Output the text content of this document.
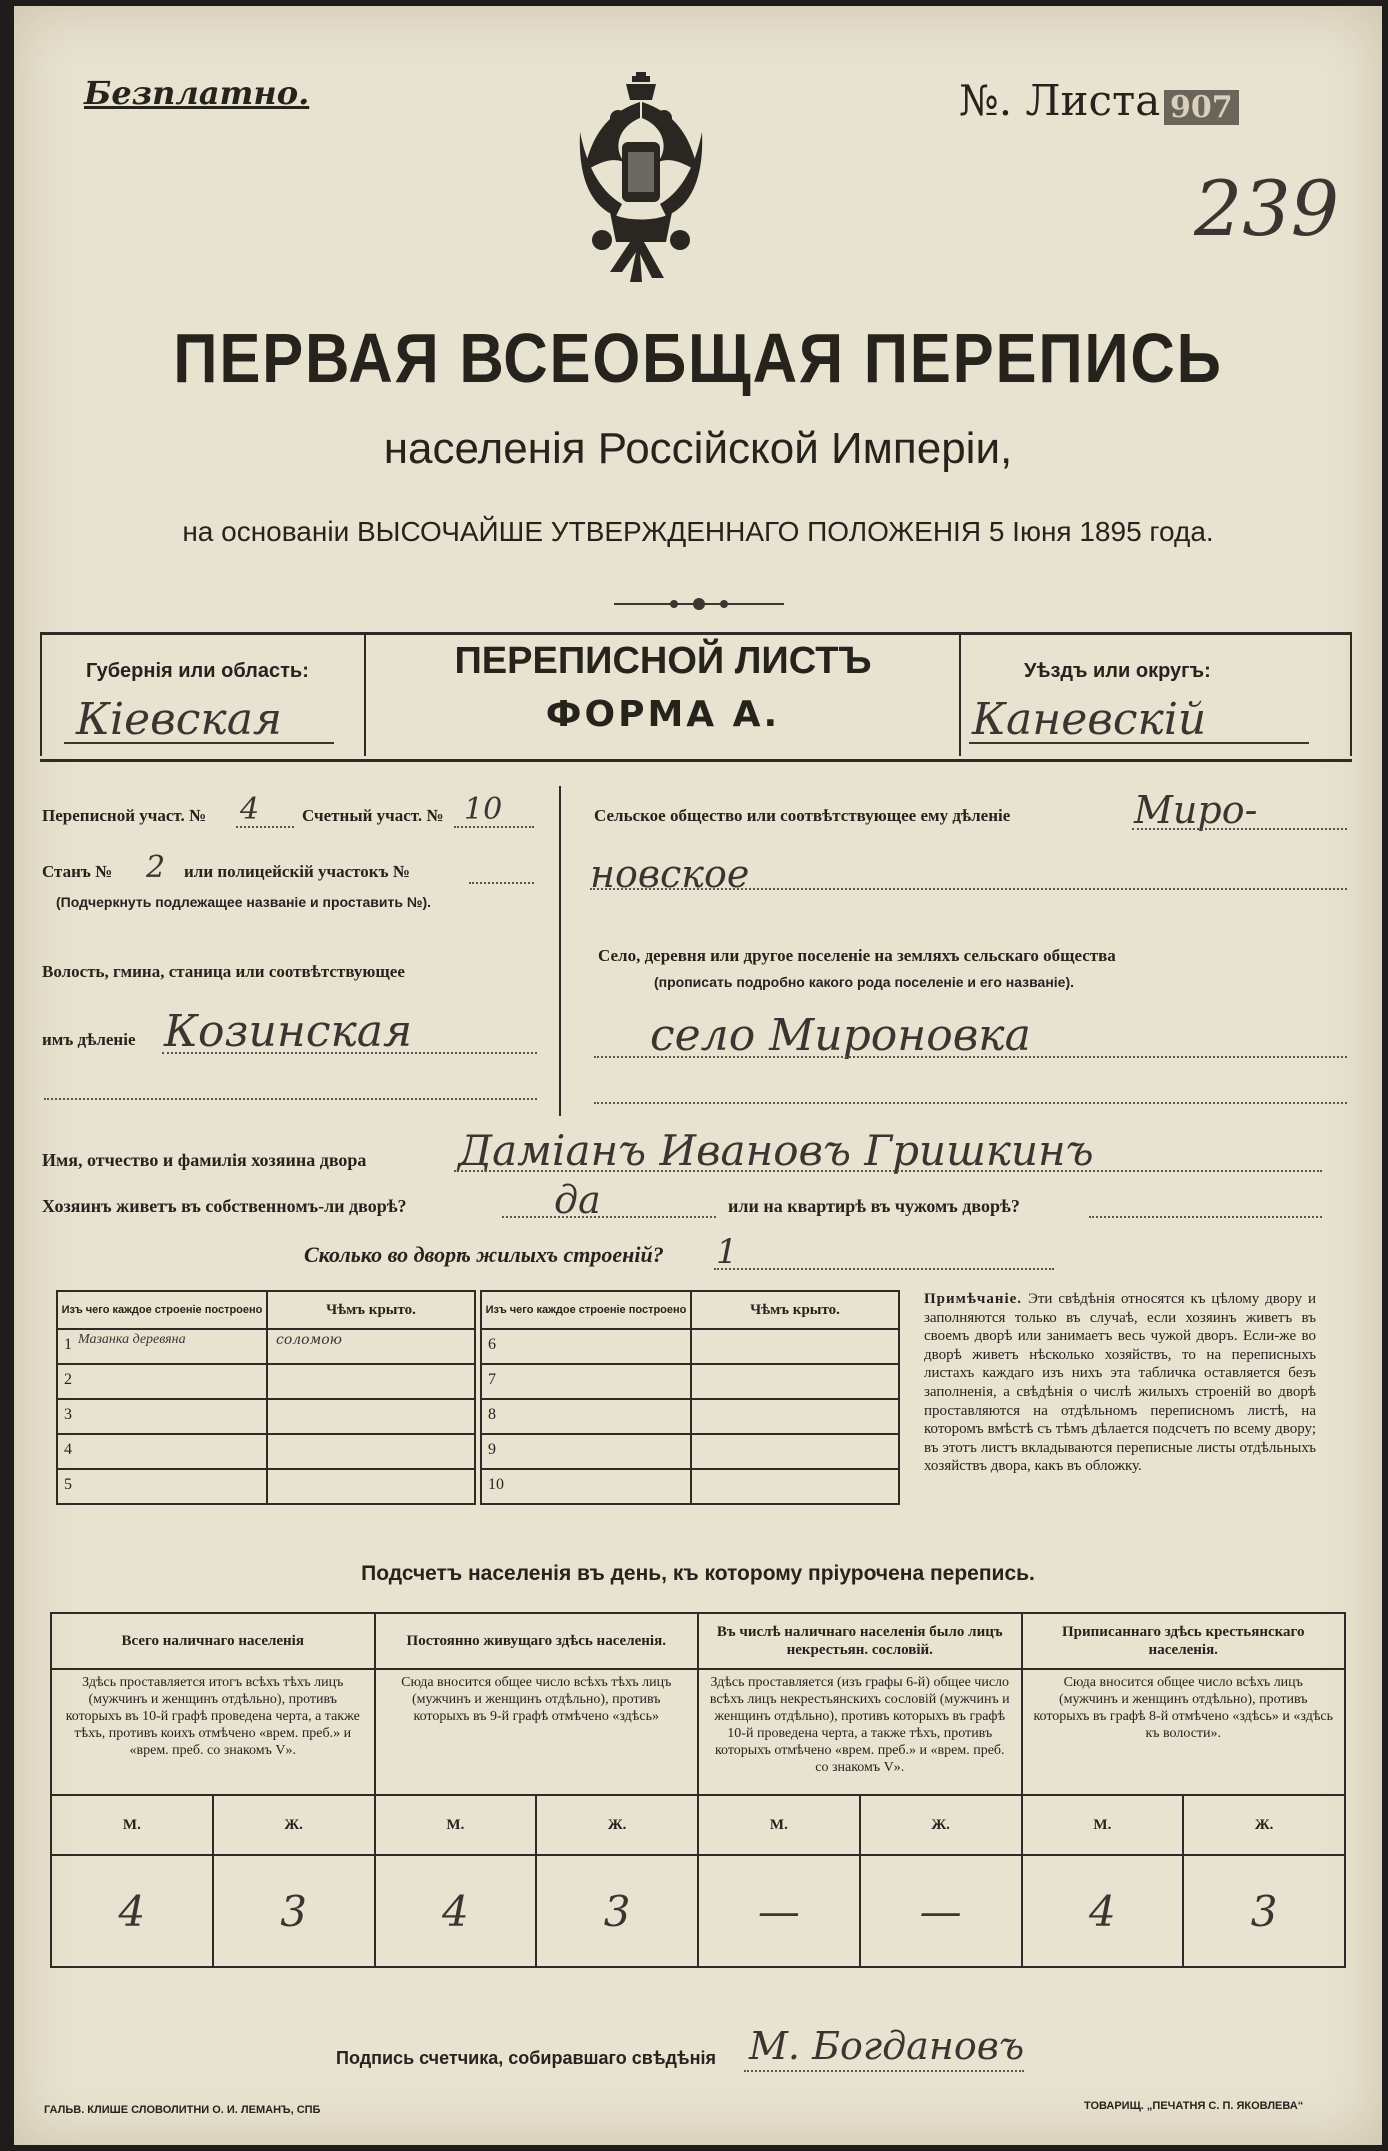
Безплатно.	№. Листа 907
239
ПЕРВАЯ ВСЕОБЩАЯ ПЕРЕПИСЬ
населенія Россійской Имперіи,
на основаніи ВЫСОЧАЙШЕ УТВЕРЖДЕННАГО ПОЛОЖЕНІЯ 5 Іюня 1895 года.
Губернія или область:
Кіевская
ПЕРЕПИСНОЙ ЛИСТЪ
ФОРМА А.
Уѣздъ или округъ:
Каневскій
Переписной участ. № 4	Счетный участ. № 10
Станъ № 2 или полицейскій участокъ №
(Подчеркнуть подлежащее названіе и проставить №).
Волость, гмина, станица или соотвѣтствующее
имъ дѣленіе Козинская
Сельское общество или соотвѣтствующее ему дѣленіе	Миро-
новское
Село, деревня или другое поселеніе на земляхъ сельскаго общества
(прописать подробно какого рода поселеніе и его названіе).
село Мироновка
Имя, отчество и фамилія хозяина двора Даміанъ Ивановъ Гришкинъ
Хозяинъ живетъ въ собственномъ-ли дворѣ?	да	или на квартирѣ въ чужомъ дворѣ?
Сколько во дворѣ жилыхъ строеній? 1
Изъ чего каждое строеніе построено	Чѣмъ крыто.
1 Мазанка деревяна	соломою
2

3

4

5

Изъ чего каждое строеніе построено	Чѣмъ крыто.
6

7

8

9

10

Примѣчаніе. Эти свѣдѣнія относятся къ цѣлому двору и заполняются только въ случаѣ, если хозяинъ живетъ въ своемъ дворѣ или занимаетъ весь чужой дворъ. Если-же во дворѣ живетъ нѣсколько хозяйствъ, то на переписныхъ листахъ каждаго изъ нихъ эта табличка оставляется безъ заполненія, а свѣдѣнія о числѣ жилыхъ строеній во дворѣ проставляются на отдѣльномъ переписномъ листѣ, на которомъ вмѣстѣ съ тѣмъ дѣлается подсчетъ по всему двору; въ этотъ листъ вкладываются переписные листы отдѣльныхъ хозяйствъ двора, какъ въ обложку.
Подсчетъ населенія въ день, къ которому пріурочена перепись.
Всего наличнаго населенія		Постоянно живущаго здѣсь населенія.		Въ числѣ наличнаго населенія было лицъ некрестьян. сословій.		Приписаннаго здѣсь крестьянскаго населенія.	
Здѣсь проставляется итогъ всѣхъ тѣхъ лицъ (мужчинъ и женщинъ отдѣльно), противъ которыхъ въ 10-й графѣ проведена черта, а также тѣхъ, противъ коихъ отмѣчено «врем. преб.» и «врем. преб. со знакомъ V».		Сюда вносится общее число всѣхъ тѣхъ лицъ (мужчинъ и женщинъ отдѣльно), противъ которыхъ въ 9-й графѣ отмѣчено «здѣсь»		Здѣсь проставляется (изъ графы 6-й) общее число всѣхъ лицъ некрестьянскихъ сословій (мужчинъ и женщинъ отдѣльно), противъ которыхъ въ графѣ 10-й проведена черта, а также тѣхъ, противъ которыхъ отмѣчено «врем. преб.» и «врем. преб. со знакомъ V».		Сюда вносится общее число всѣхъ лицъ (мужчинъ и женщинъ отдѣльно), противъ которыхъ въ графѣ 8-й отмѣчено «здѣсь» и «здѣсь къ волости».	
М.	Ж.	М.	Ж.	М.	Ж.	М.	Ж.
4	3	4	3	—	—	4	3
Подпись счетчика, собиравшаго свѣдѣнія М. Богдановъ
ГАЛЬВ. КЛИШЕ СЛОВОЛИТНИ О. И. ЛЕМАНЪ, СПБ	ТОВАРИЩ. „ПЕЧАТНЯ С. П. ЯКОВЛЕВА“
